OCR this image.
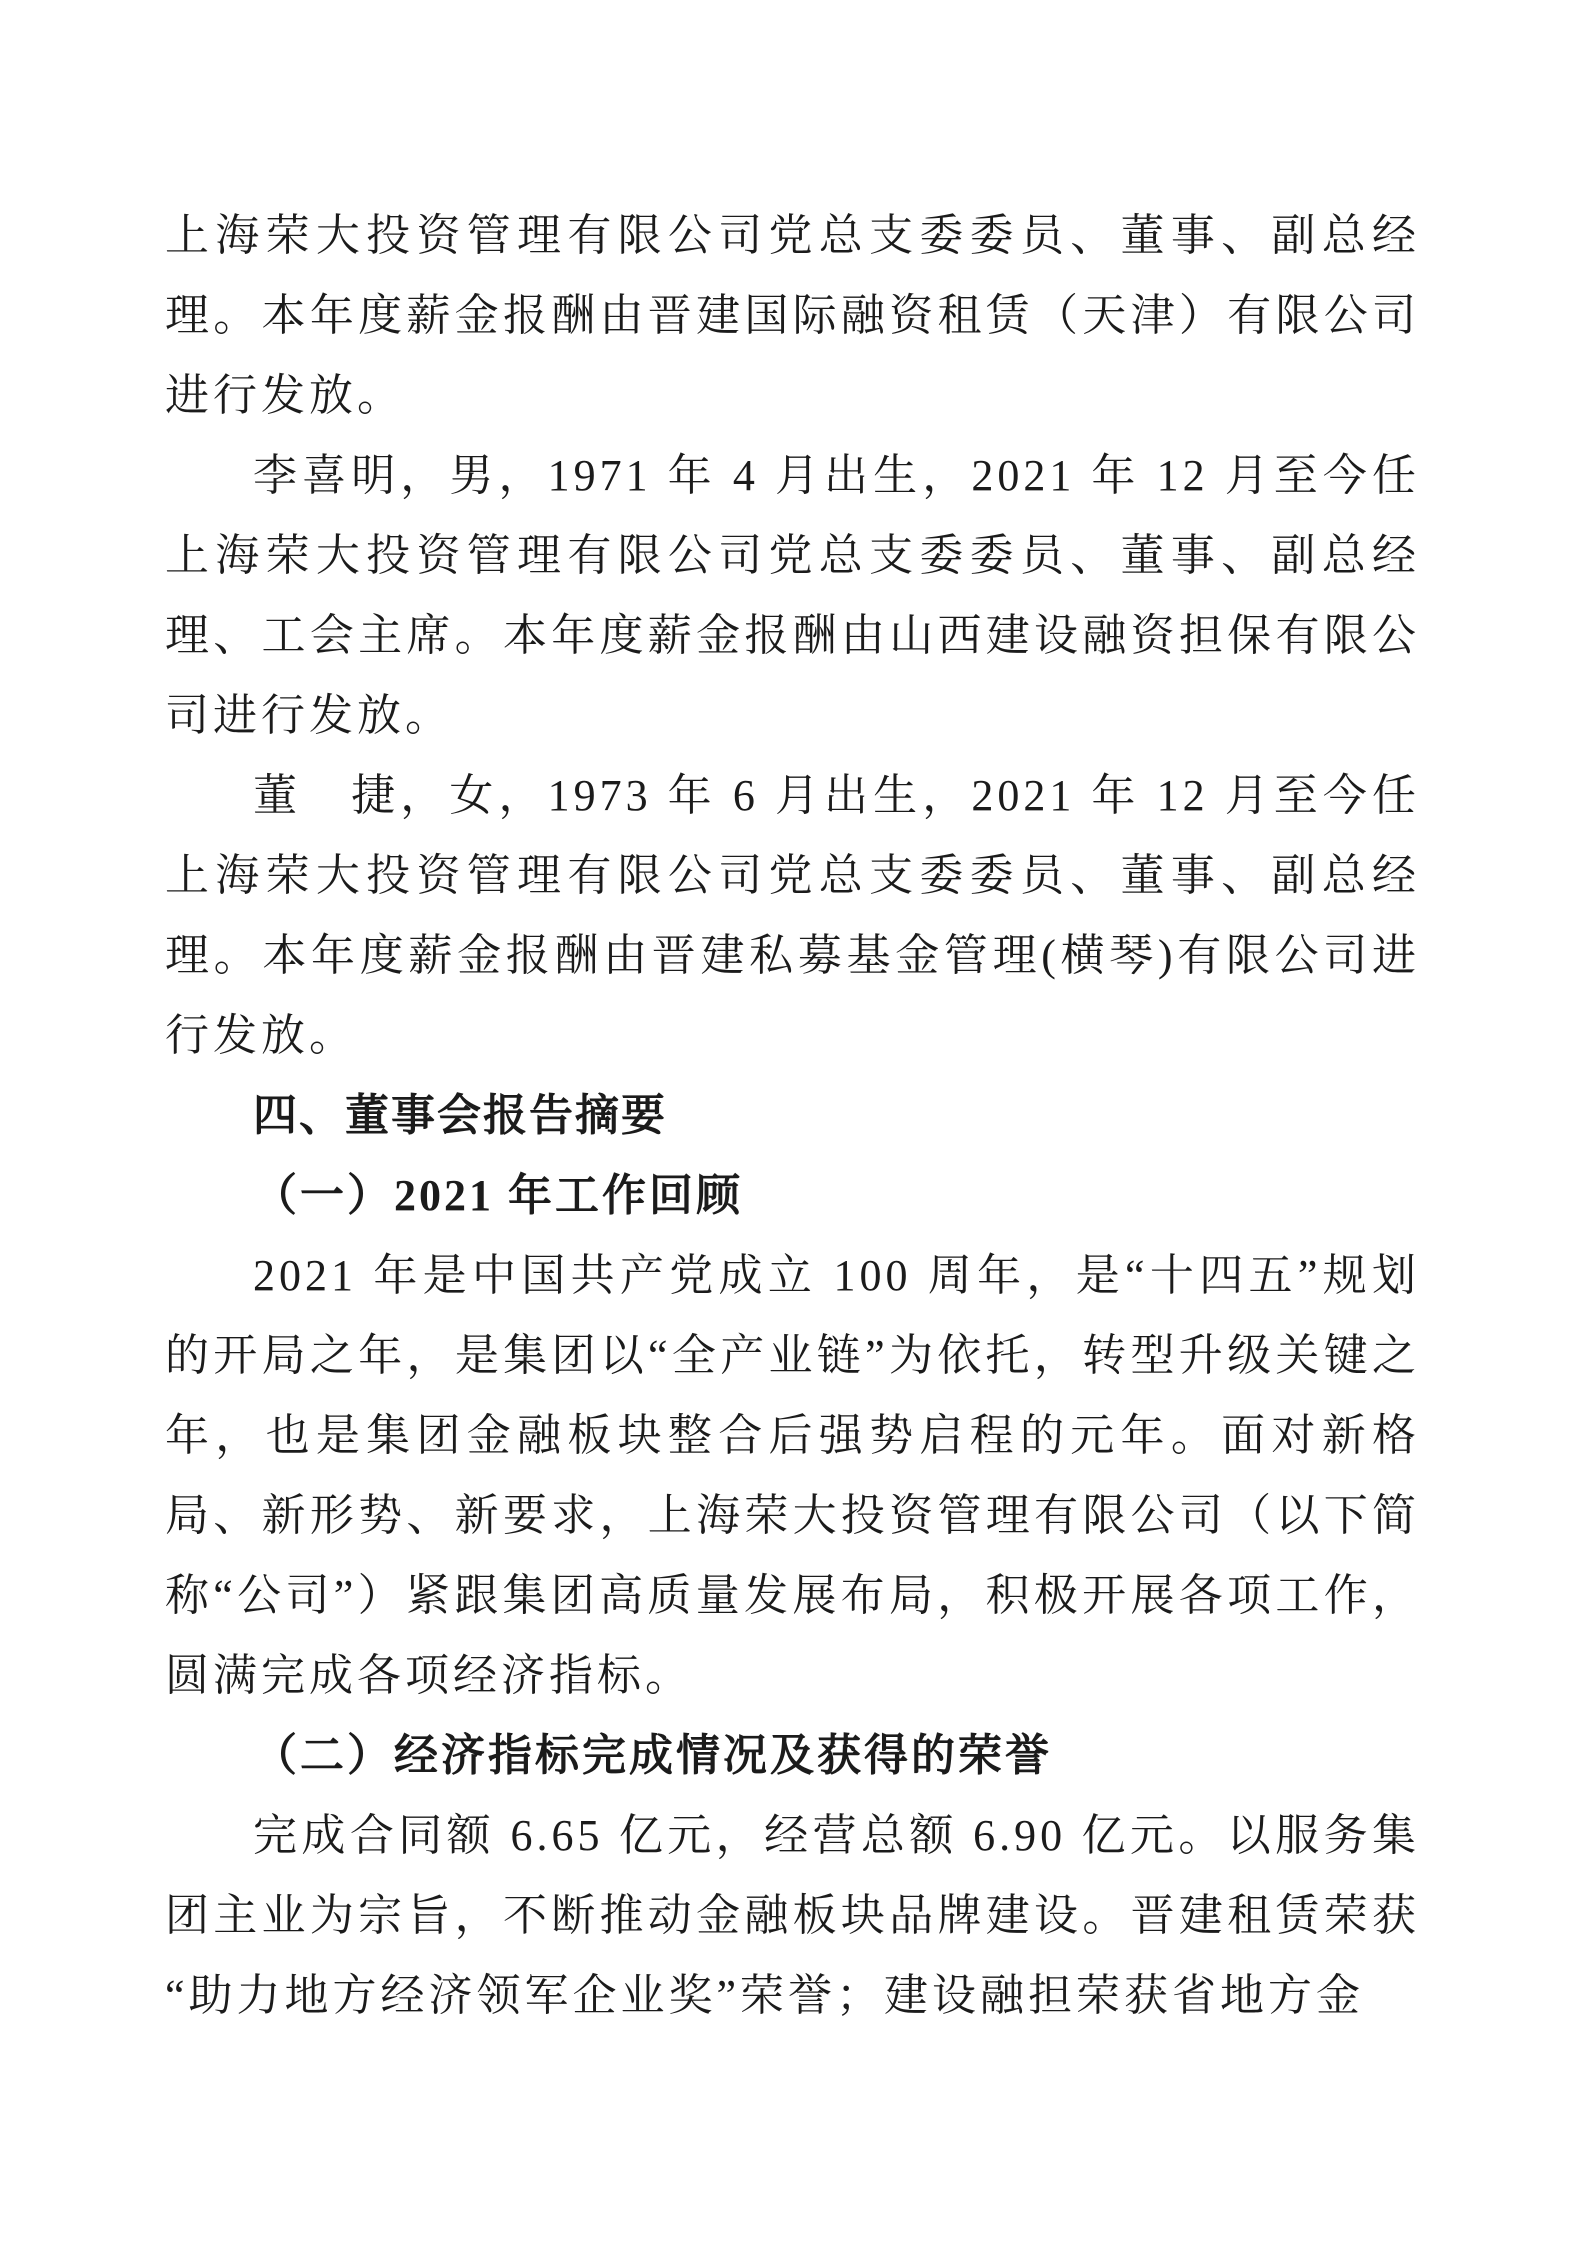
上海荣大投资管理有限公司党总支委委员、董事、副总经理。本年度薪金报酬由晋建国际融资租赁（天津）有限公司进行发放。

李喜明，男，1971 年 4 月出生，2021 年 12 月至今任上海荣大投资管理有限公司党总支委委员、董事、副总经理、工会主席。本年度薪金报酬由山西建设融资担保有限公司进行发放。

董　捷，女，1973 年 6 月出生，2021 年 12 月至今任上海荣大投资管理有限公司党总支委委员、董事、副总经理。本年度薪金报酬由晋建私募基金管理(横琴)有限公司进行发放。

四、董事会报告摘要

（一）2021 年工作回顾

2021 年是中国共产党成立 100 周年，是“十四五”规划的开局之年，是集团以“全产业链”为依托，转型升级关键之年，也是集团金融板块整合后强势启程的元年。面对新格局、新形势、新要求，上海荣大投资管理有限公司（以下简称“公司”）紧跟集团高质量发展布局，积极开展各项工作，圆满完成各项经济指标。

（二）经济指标完成情况及获得的荣誉

完成合同额 6.65 亿元，经营总额 6.90 亿元。以服务集团主业为宗旨，不断推动金融板块品牌建设。晋建租赁荣获“助力地方经济领军企业奖”荣誉；建设融担荣获省地方金
